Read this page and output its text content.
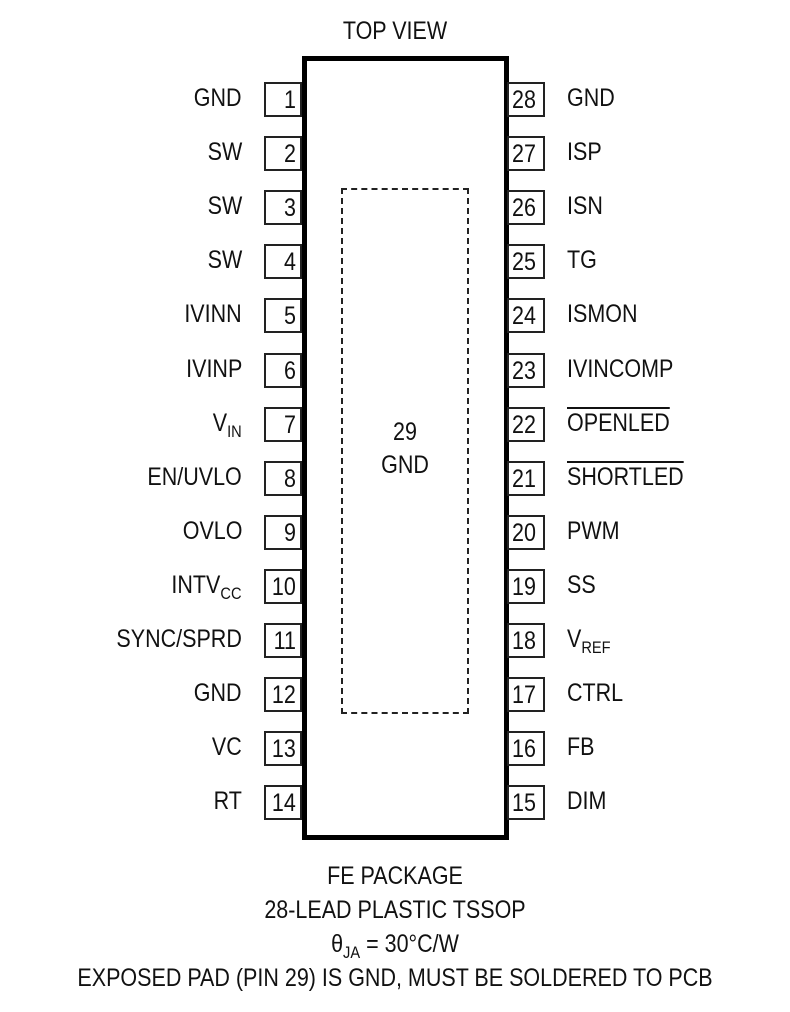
TOP VIEW
29
GND
1
GND
2
SW
3
SW
4
SW
5
IVINN
6
IVINP
7
$V_{IN}$
8
EN/UVLO
9
OVLO
10
$INTV_{CC}$
11
SYNC/SPRD
12
GND
13
VC
14
RT
28 GND
27 ISP
26 ISN
25 TG
24 ISMON
23 IVINCOMP
22 OPENLED
21 SHORTLED
20 PWM
19 SS
18 $V_{REF}$
17 CTRL
16 FB
15 DIM
FE PACKAGE
28-LEAD PLASTIC TSSOP
$\theta_{JA} = 30^\circ C/W$
EXPOSED PAD (PIN 29) IS GND, MUST BE SOLDERED TO PCB
